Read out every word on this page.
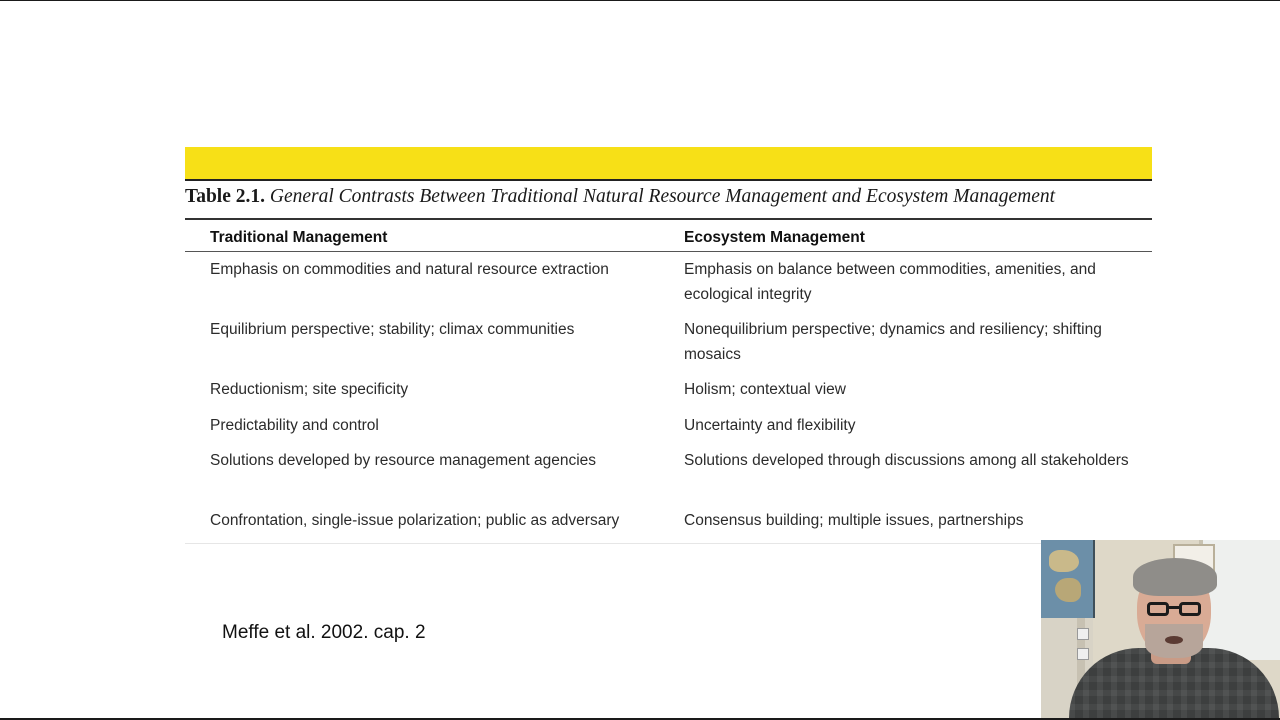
Table 2.1. General Contrasts Between Traditional Natural Resource Management and Ecosystem Management
Traditional Management	Ecosystem Management
Emphasis on commodities and natural resource extraction	Emphasis on balance between commodities, amenities, and ecological integrity
Equilibrium perspective; stability; climax communities	Nonequilibrium perspective; dynamics and resiliency; shifting mosaics
Reductionism; site specificity	Holism; contextual view
Predictability and control	Uncertainty and flexibility
Solutions developed by resource management agencies	Solutions developed through discussions among all stakeholders
Confrontation, single-issue polarization; public as adversary	Consensus building; multiple issues, partnerships
Meffe et al. 2002. cap. 2
